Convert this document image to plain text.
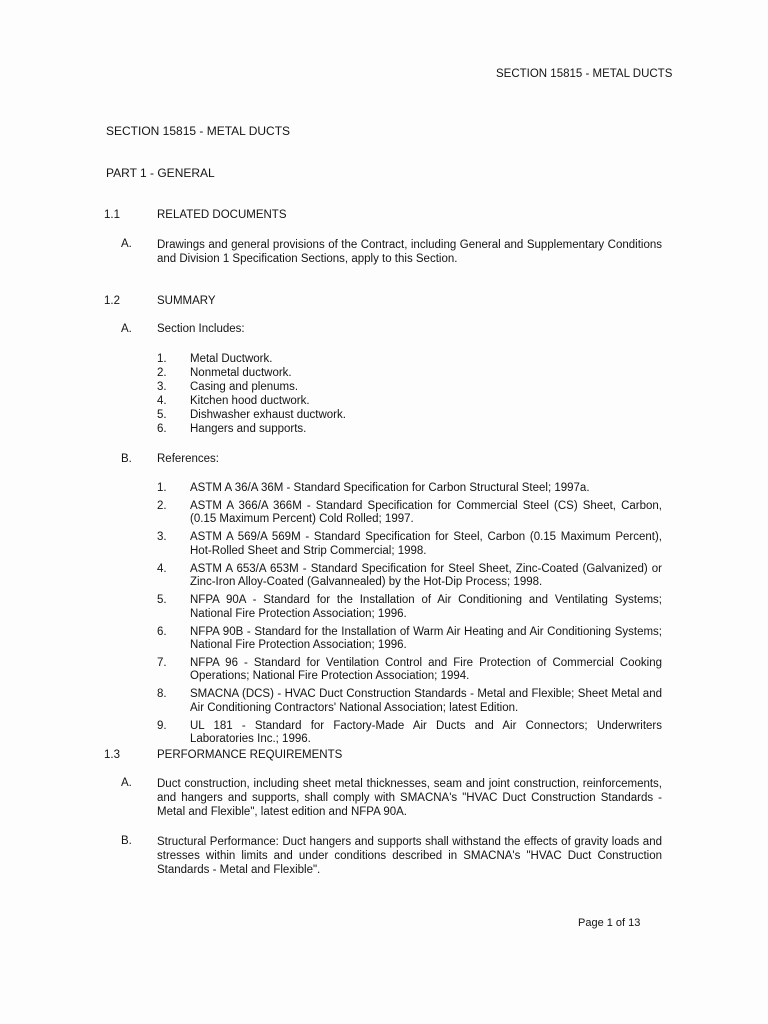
SECTION 15815 - METAL DUCTS
SECTION 15815 - METAL DUCTS
PART 1 - GENERAL
1.1	RELATED DOCUMENTS
A. Drawings and general provisions of the Contract, including General and Supplementary Conditions and Division 1 Specification Sections, apply to this Section.
1.2	SUMMARY
A. Section Includes:
1.	Metal Ductwork.
2.	Nonmetal ductwork.
3.	Casing and plenums.
4.	Kitchen hood ductwork.
5.	Dishwasher exhaust ductwork.
6.	Hangers and supports.
B. References:
1.	ASTM A 36/A 36M - Standard Specification for Carbon Structural Steel; 1997a.
2.	ASTM A 366/A 366M - Standard Specification for Commercial Steel (CS) Sheet, Carbon, (0.15 Maximum Percent) Cold Rolled; 1997.
3.	ASTM A 569/A 569M - Standard Specification for Steel, Carbon (0.15 Maximum Percent), Hot-Rolled Sheet and Strip Commercial; 1998.
4.	ASTM A 653/A 653M - Standard Specification for Steel Sheet, Zinc-Coated (Galvanized) or Zinc-Iron Alloy-Coated (Galvannealed) by the Hot-Dip Process; 1998.
5.	NFPA 90A - Standard for the Installation of Air Conditioning and Ventilating Systems; National Fire Protection Association; 1996.
6.	NFPA 90B - Standard for the Installation of Warm Air Heating and Air Conditioning Systems; National Fire Protection Association; 1996.
7.	NFPA 96 - Standard for Ventilation Control and Fire Protection of Commercial Cooking Operations; National Fire Protection Association; 1994.
8.	SMACNA (DCS) - HVAC Duct Construction Standards - Metal and Flexible; Sheet Metal and Air Conditioning Contractors' National Association; latest Edition.
9.	UL 181 - Standard for Factory-Made Air Ducts and Air Connectors; Underwriters Laboratories Inc.; 1996.
1.3	PERFORMANCE REQUIREMENTS
A. Duct construction, including sheet metal thicknesses, seam and joint construction, reinforcements, and hangers and supports, shall comply with SMACNA's "HVAC Duct Construction Standards - Metal and Flexible", latest edition and NFPA 90A.
B. Structural Performance: Duct hangers and supports shall withstand the effects of gravity loads and stresses within limits and under conditions described in SMACNA's "HVAC Duct Construction Standards - Metal and Flexible".
Page 1 of 13
